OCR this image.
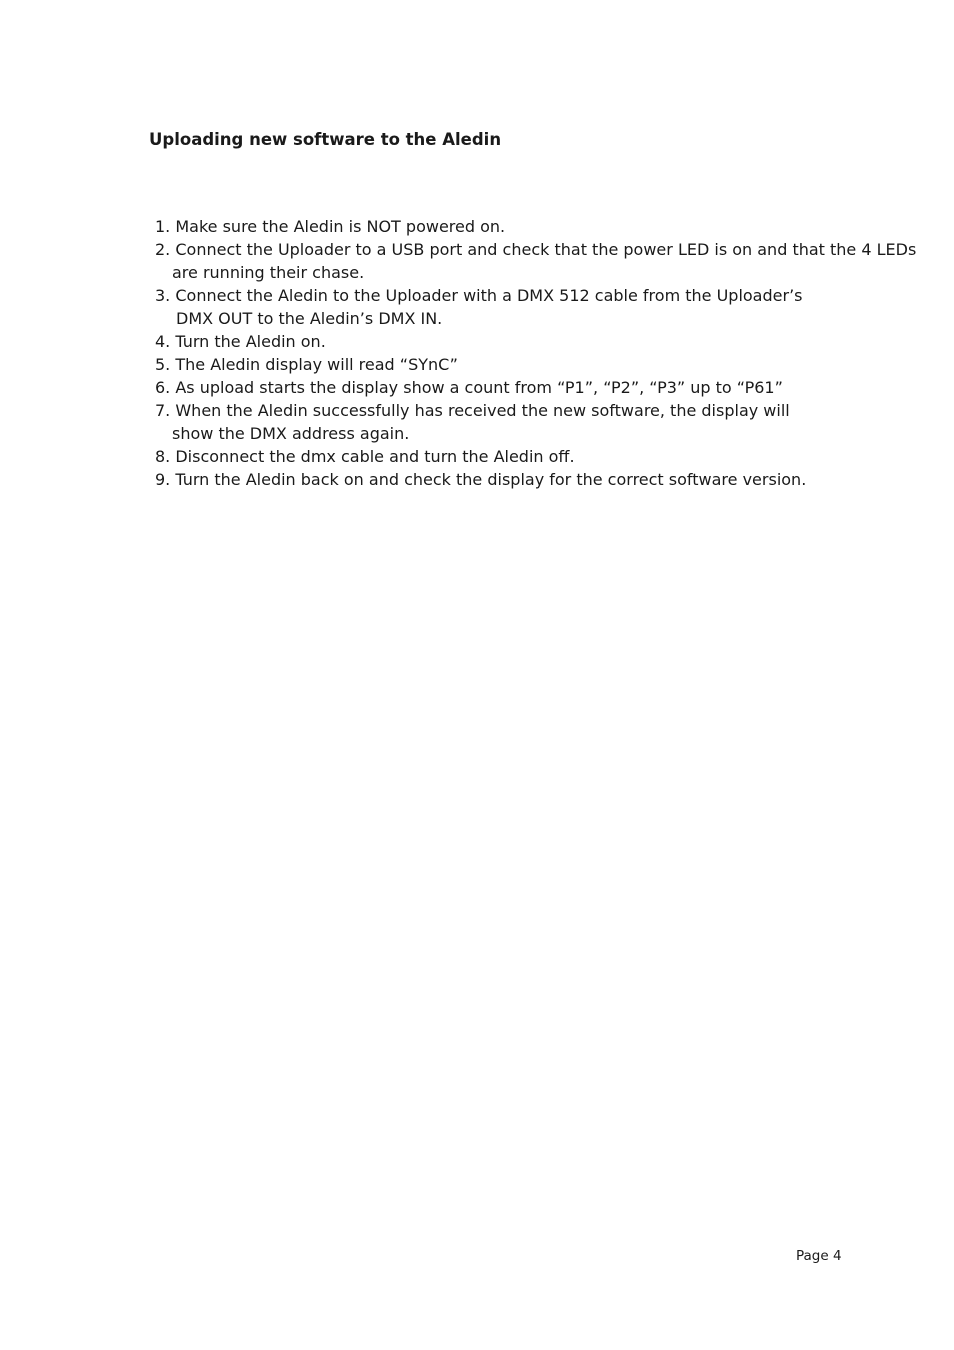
Uploading new software to the Aledin
1. Make sure the Aledin is NOT powered on.
2. Connect the Uploader to a USB port and check that the power LED is on and that the 4 LEDs
are running their chase.
3. Connect the Aledin to the Uploader with a DMX 512 cable from the Uploader’s
DMX OUT to the Aledin’s DMX IN.
4. Turn the Aledin on.
5. The Aledin display will read “SYnC”
6. As upload starts the display show a count from “P1”, “P2”, “P3” up to “P61”
7. When the Aledin successfully has received the new software, the display will
show the DMX address again.
8. Disconnect the dmx cable and turn the Aledin off.
9. Turn the Aledin back on and check the display for the correct software version.
Page 4
